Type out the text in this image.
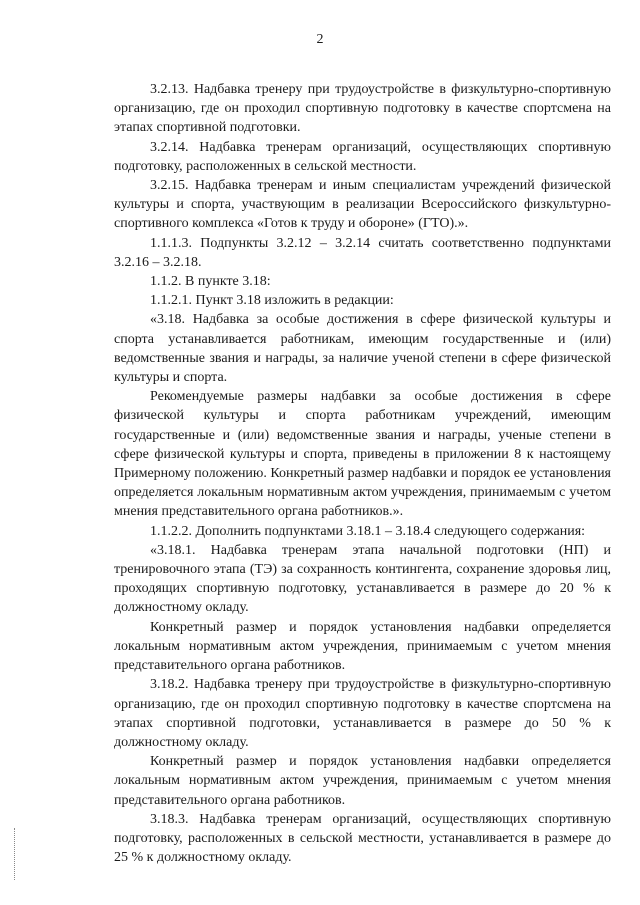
2

3.2.13. Надбавка тренеру при трудоустройстве в физкультурно-спортивную организацию, где он проходил спортивную подготовку в качестве спортсмена на этапах спортивной подготовки.

3.2.14. Надбавка тренерам организаций, осуществляющих спортивную подготовку, расположенных в сельской местности.

3.2.15. Надбавка тренерам и иным специалистам учреждений физической культуры и спорта, участвующим в реализации Всероссийского физкультурно-спортивного комплекса «Готов к труду и обороне» (ГТО).».

1.1.1.3. Подпункты 3.2.12 – 3.2.14 считать соответственно подпунктами 3.2.16 – 3.2.18.

1.1.2. В пункте 3.18:

1.1.2.1. Пункт 3.18 изложить в редакции:

«3.18. Надбавка за особые достижения в сфере физической культуры и спорта устанавливается работникам, имеющим государственные и (или) ведомственные звания и награды, за наличие ученой степени в сфере физической культуры и спорта.

Рекомендуемые размеры надбавки за особые достижения в сфере физической культуры и спорта работникам учреждений, имеющим государственные и (или) ведомственные звания и награды, ученые степени в сфере физической культуры и спорта, приведены в приложении 8 к настоящему Примерному положению. Конкретный размер надбавки и порядок ее установления определяется локальным нормативным актом учреждения, принимаемым с учетом мнения представительного органа работников.».

1.1.2.2. Дополнить подпунктами 3.18.1 – 3.18.4 следующего содержания:

«3.18.1. Надбавка тренерам этапа начальной подготовки (НП) и тренировочного этапа (ТЭ) за сохранность контингента, сохранение здоровья лиц, проходящих спортивную подготовку, устанавливается в размере до 20 % к должностному окладу.

Конкретный размер и порядок установления надбавки определяется локальным нормативным актом учреждения, принимаемым с учетом мнения представительного органа работников.

3.18.2. Надбавка тренеру при трудоустройстве в физкультурно-спортивную организацию, где он проходил спортивную подготовку в качестве спортсмена на этапах спортивной подготовки, устанавливается в размере до 50 % к должностному окладу.

Конкретный размер и порядок установления надбавки определяется локальным нормативным актом учреждения, принимаемым с учетом мнения представительного органа работников.

3.18.3. Надбавка тренерам организаций, осуществляющих спортивную подготовку, расположенных в сельской местности, устанавливается в размере до 25 % к должностному окладу.
